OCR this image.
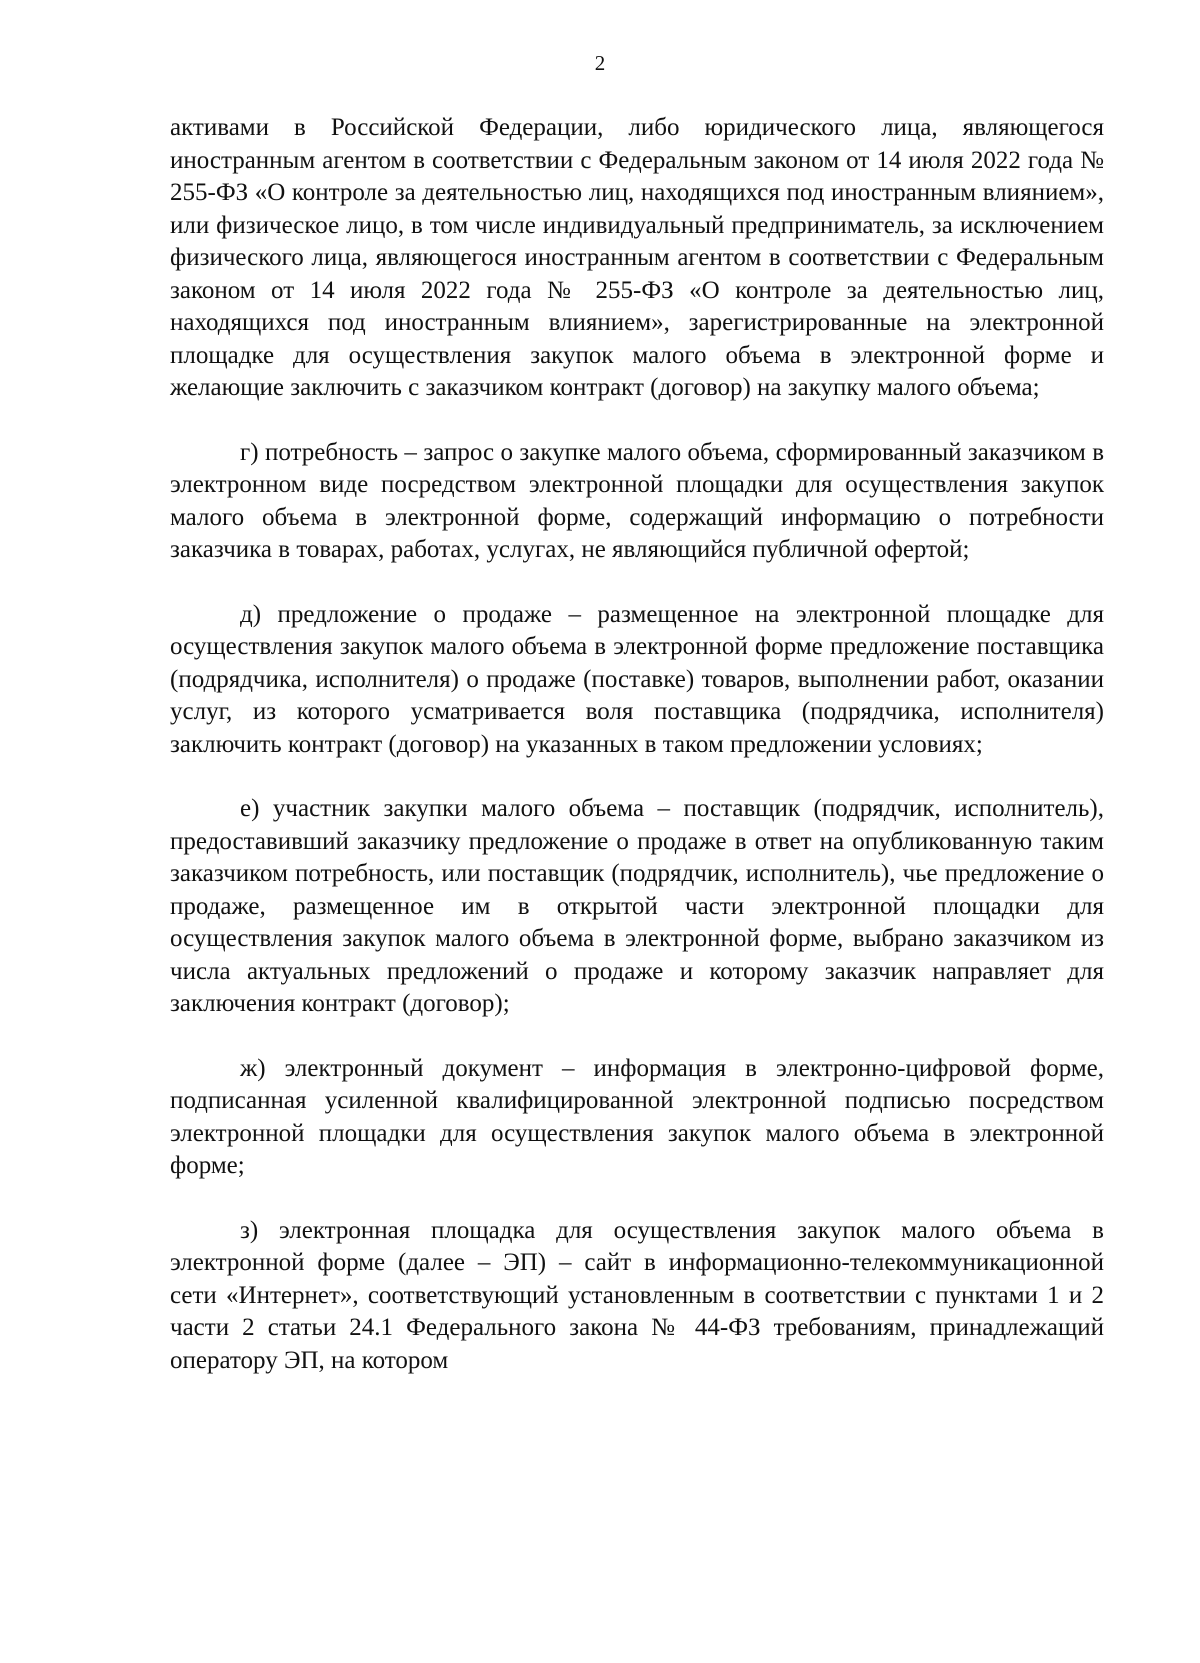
2

активами в Российской Федерации, либо юридического лица, являющегося иностранным агентом в соответствии с Федеральным законом от 14 июля 2022 года № 255-ФЗ «О контроле за деятельностью лиц, находящихся под иностранным влиянием», или физическое лицо, в том числе индивидуальный предприниматель, за исключением физического лица, являющегося иностранным агентом в соответствии с Федеральным законом от 14 июля 2022 года № 255-ФЗ «О контроле за деятельностью лиц, находящихся под иностранным влиянием», зарегистрированные на электронной площадке для осуществления закупок малого объема в электронной форме и желающие заключить с заказчиком контракт (договор) на закупку малого объема;

г) потребность – запрос о закупке малого объема, сформированный заказчиком в электронном виде посредством электронной площадки для осуществления закупок малого объема в электронной форме, содержащий информацию о потребности заказчика в товарах, работах, услугах, не являющийся публичной офертой;

д) предложение о продаже – размещенное на электронной площадке для осуществления закупок малого объема в электронной форме предложение поставщика (подрядчика, исполнителя) о продаже (поставке) товаров, выполнении работ, оказании услуг, из которого усматривается воля поставщика (подрядчика, исполнителя) заключить контракт (договор) на указанных в таком предложении условиях;

е) участник закупки малого объема – поставщик (подрядчик, исполнитель), предоставивший заказчику предложение о продаже в ответ на опубликованную таким заказчиком потребность, или поставщик (подрядчик, исполнитель), чье предложение о продаже, размещенное им в открытой части электронной площадки для осуществления закупок малого объема в электронной форме, выбрано заказчиком из числа актуальных предложений о продаже и которому заказчик направляет для заключения контракт (договор);

ж) электронный документ – информация в электронно-цифровой форме, подписанная усиленной квалифицированной электронной подписью посредством электронной площадки для осуществления закупок малого объема в электронной форме;

з) электронная площадка для осуществления закупок малого объема в электронной форме (далее – ЭП) – сайт в информационно-телекоммуникационной сети «Интернет», соответствующий установленным в соответствии с пунктами 1 и 2 части 2 статьи 24.1 Федерального закона № 44-ФЗ требованиям, принадлежащий оператору ЭП, на котором
